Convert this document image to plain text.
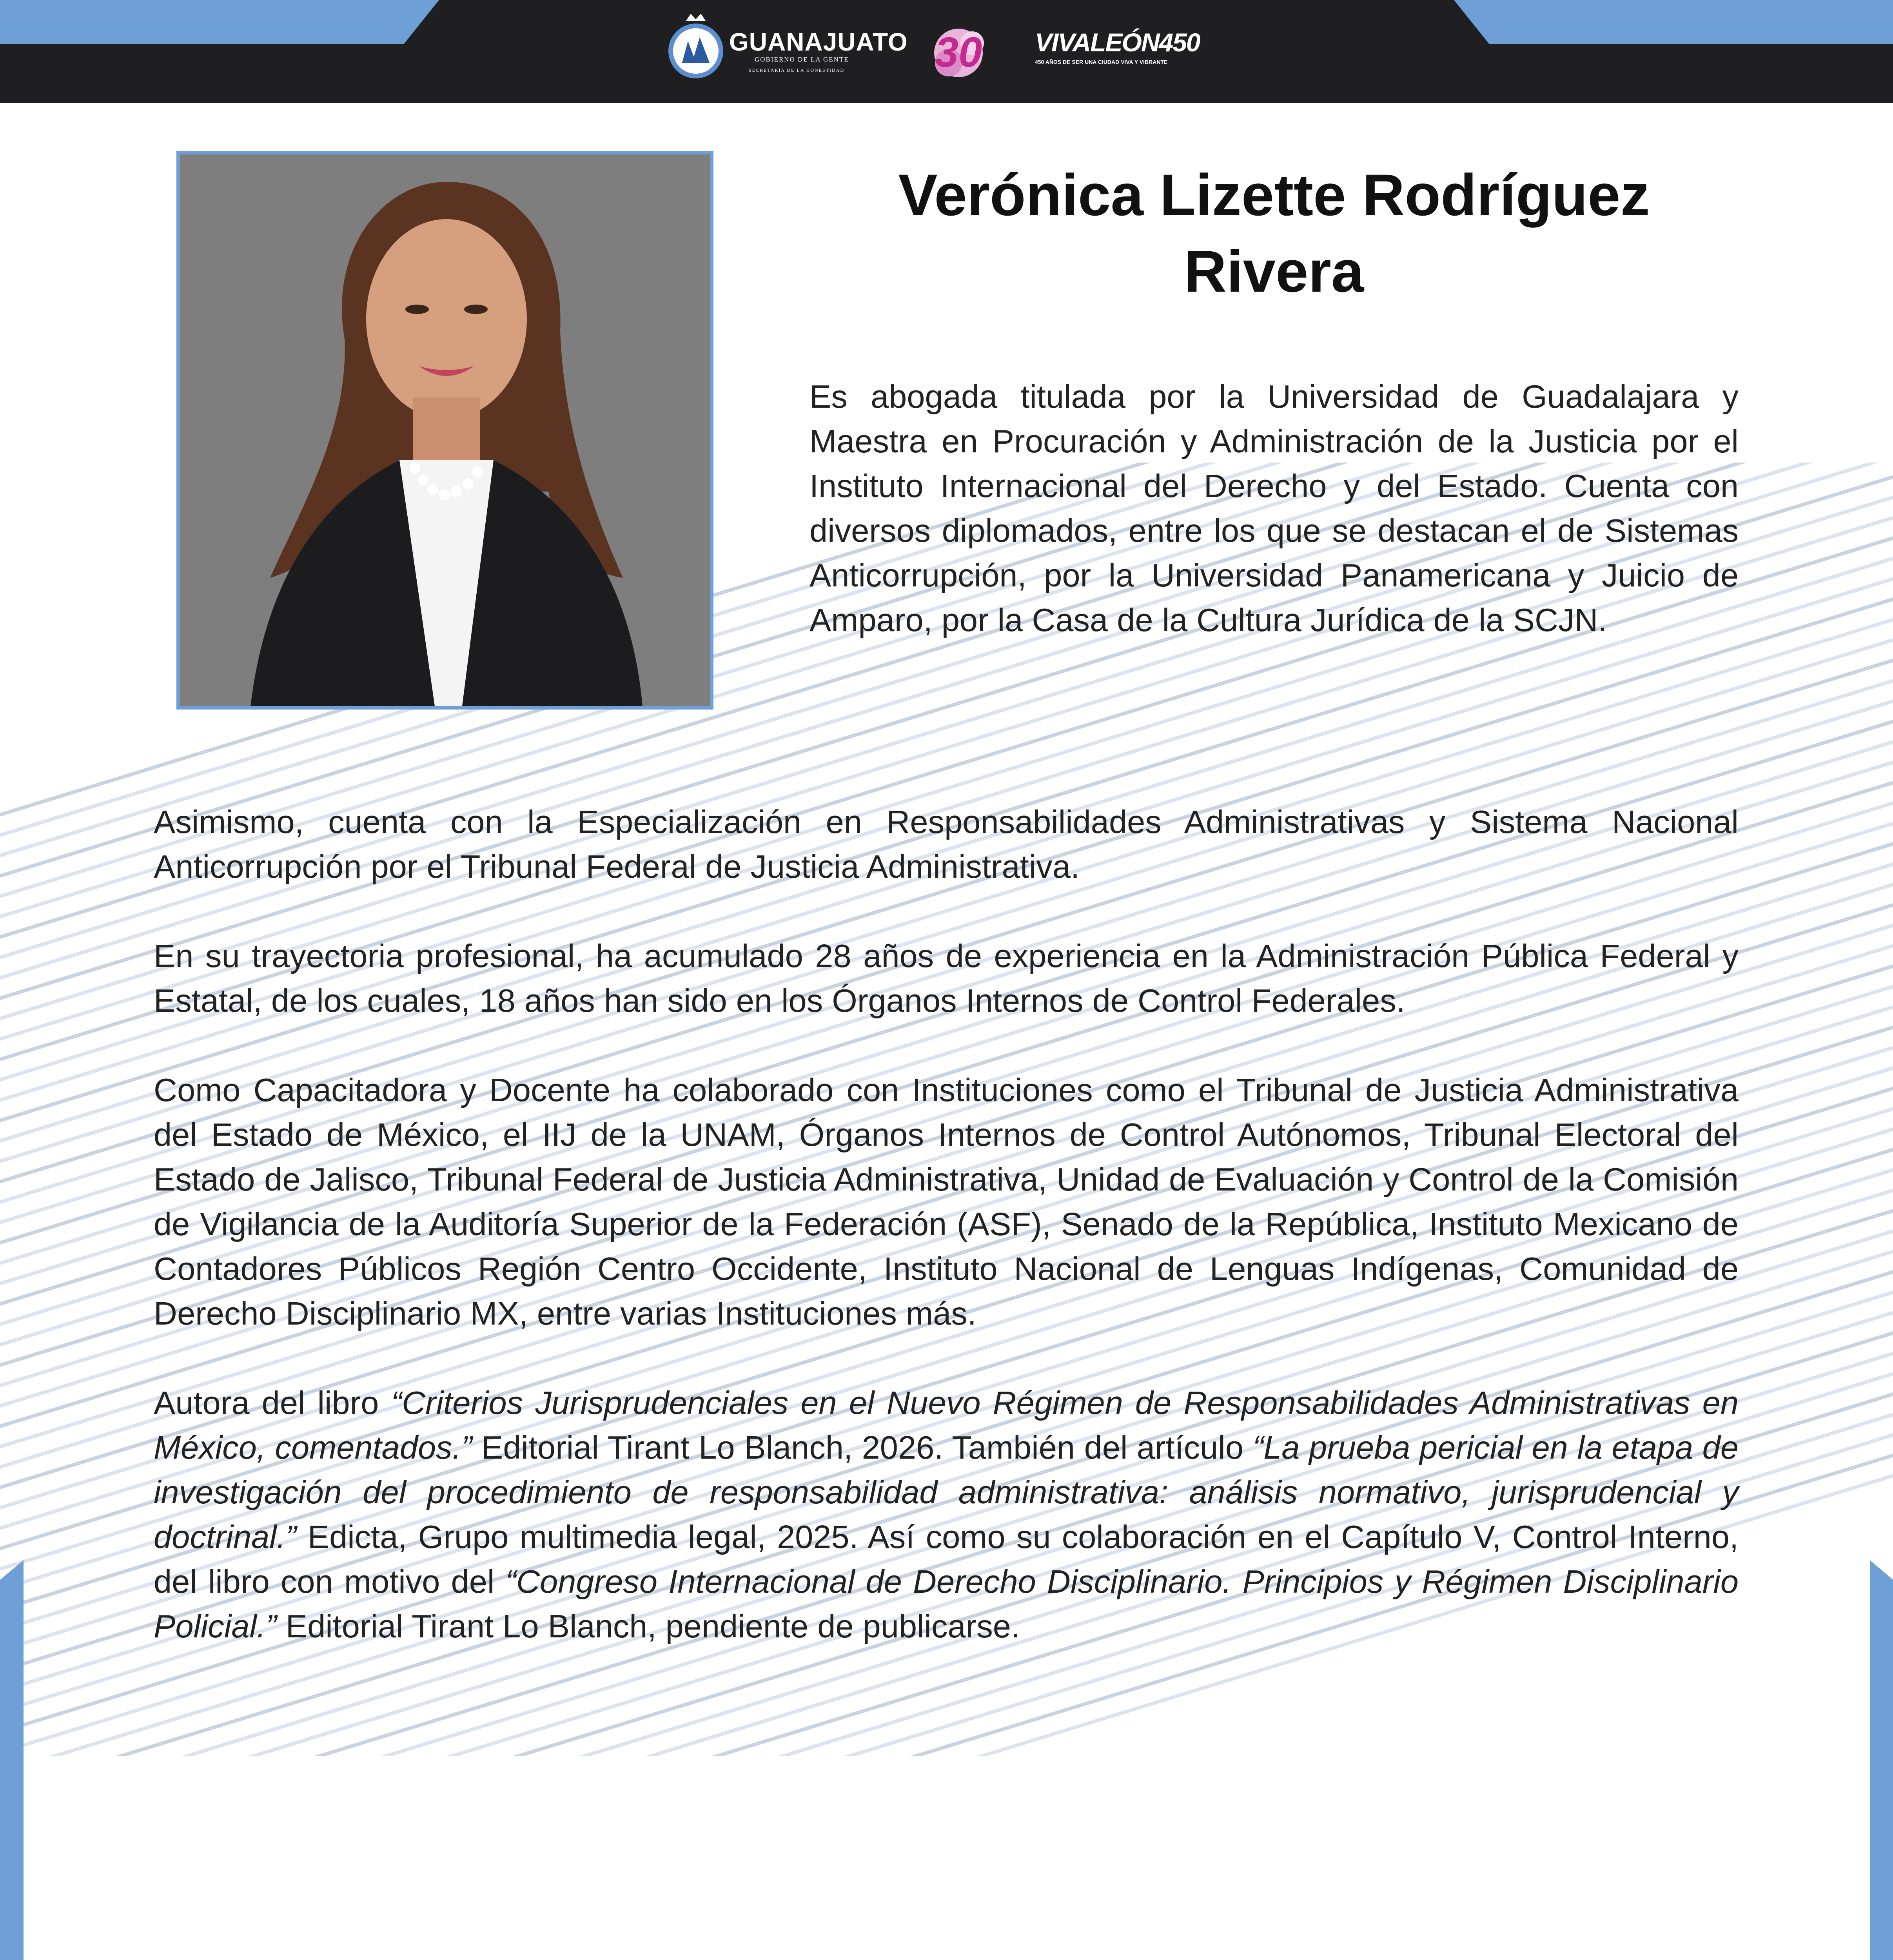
GUANAJUATO
GOBIERNO DE LA GENTE
SECRETARÍA DE LA HONESTIDAD 30 VIVALEÓN450
450 AÑOS DE SER UNA CIUDAD VIVA Y VIBRANTE
Verónica Lizette Rodríguez
Rivera
Es abogada titulada por la Universidad de Guadalajara y Maestra en Procuración y Administración de la Justicia por el Instituto Internacional del Derecho y del Estado. Cuenta con diversos diplomados, entre los que se destacan el de Sistemas Anticorrupción, por la Universidad Panamericana y Juicio de Amparo, por la Casa de la Cultura Jurídica de la SCJN.

Asimismo, cuenta con la Especialización en Responsabilidades Administrativas y Sistema Nacional Anticorrupción por el Tribunal Federal de Justicia Administrativa.

En su trayectoria profesional, ha acumulado 28 años de experiencia en la Administración Pública Federal y Estatal, de los cuales, 18 años han sido en los Órganos Internos de Control Federales.

Como Capacitadora y Docente ha colaborado con Instituciones como el Tribunal de Justicia Administrativa del Estado de México, el IIJ de la UNAM, Órganos Internos de Control Autónomos, Tribunal Electoral del Estado de Jalisco, Tribunal Federal de Justicia Administrativa, Unidad de Evaluación y Control de la Comisión de Vigilancia de la Auditoría Superior de la Federación (ASF), Senado de la República, Instituto Mexicano de Contadores Públicos Región Centro Occidente, Instituto Nacional de Lenguas Indígenas, Comunidad de Derecho Disciplinario MX, entre varias Instituciones más.

Autora del libro “Criterios Jurisprudenciales en el Nuevo Régimen de Responsabilidades Administrativas en México, comentados.” Editorial Tirant Lo Blanch, 2026. También del artículo “La prueba pericial en la etapa de investigación del procedimiento de responsabilidad administrativa: análisis normativo, jurisprudencial y doctrinal.” Edicta, Grupo multimedia legal, 2025. Así como su colaboración en el Capítulo V, Control Interno, del libro con motivo del “Congreso Internacional de Derecho Disciplinario. Principios y Régimen Disciplinario Policial.” Editorial Tirant Lo Blanch, pendiente de publicarse.
